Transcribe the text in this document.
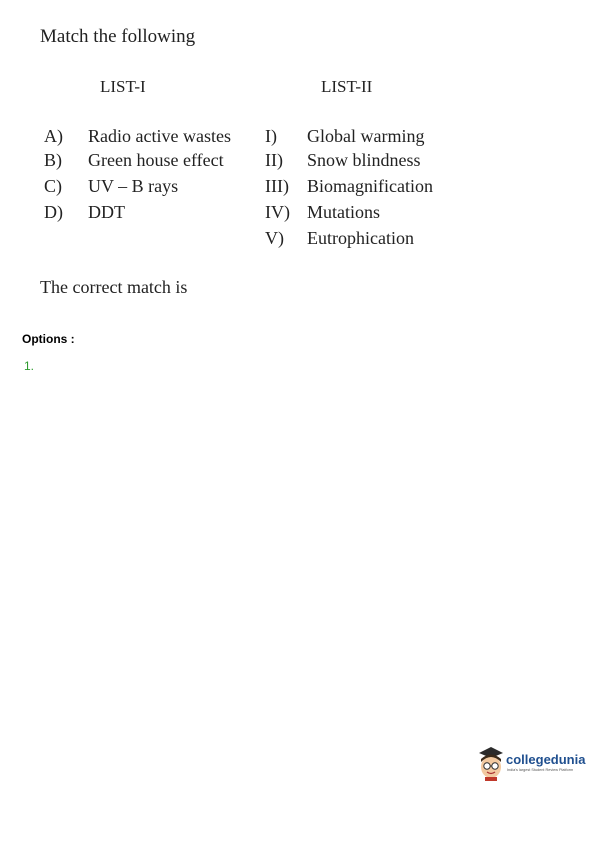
Match the following
LIST-I	LIST-II
A) Radio active wastes
B) Green house effect
C) UV – B rays
D) DDT
I) Global warming
II) Snow blindness
III) Biomagnification
IV) Mutations
V) Eutrophication
The correct match is
Options :
1.
collegedunia
India's largest Student Review Platform
